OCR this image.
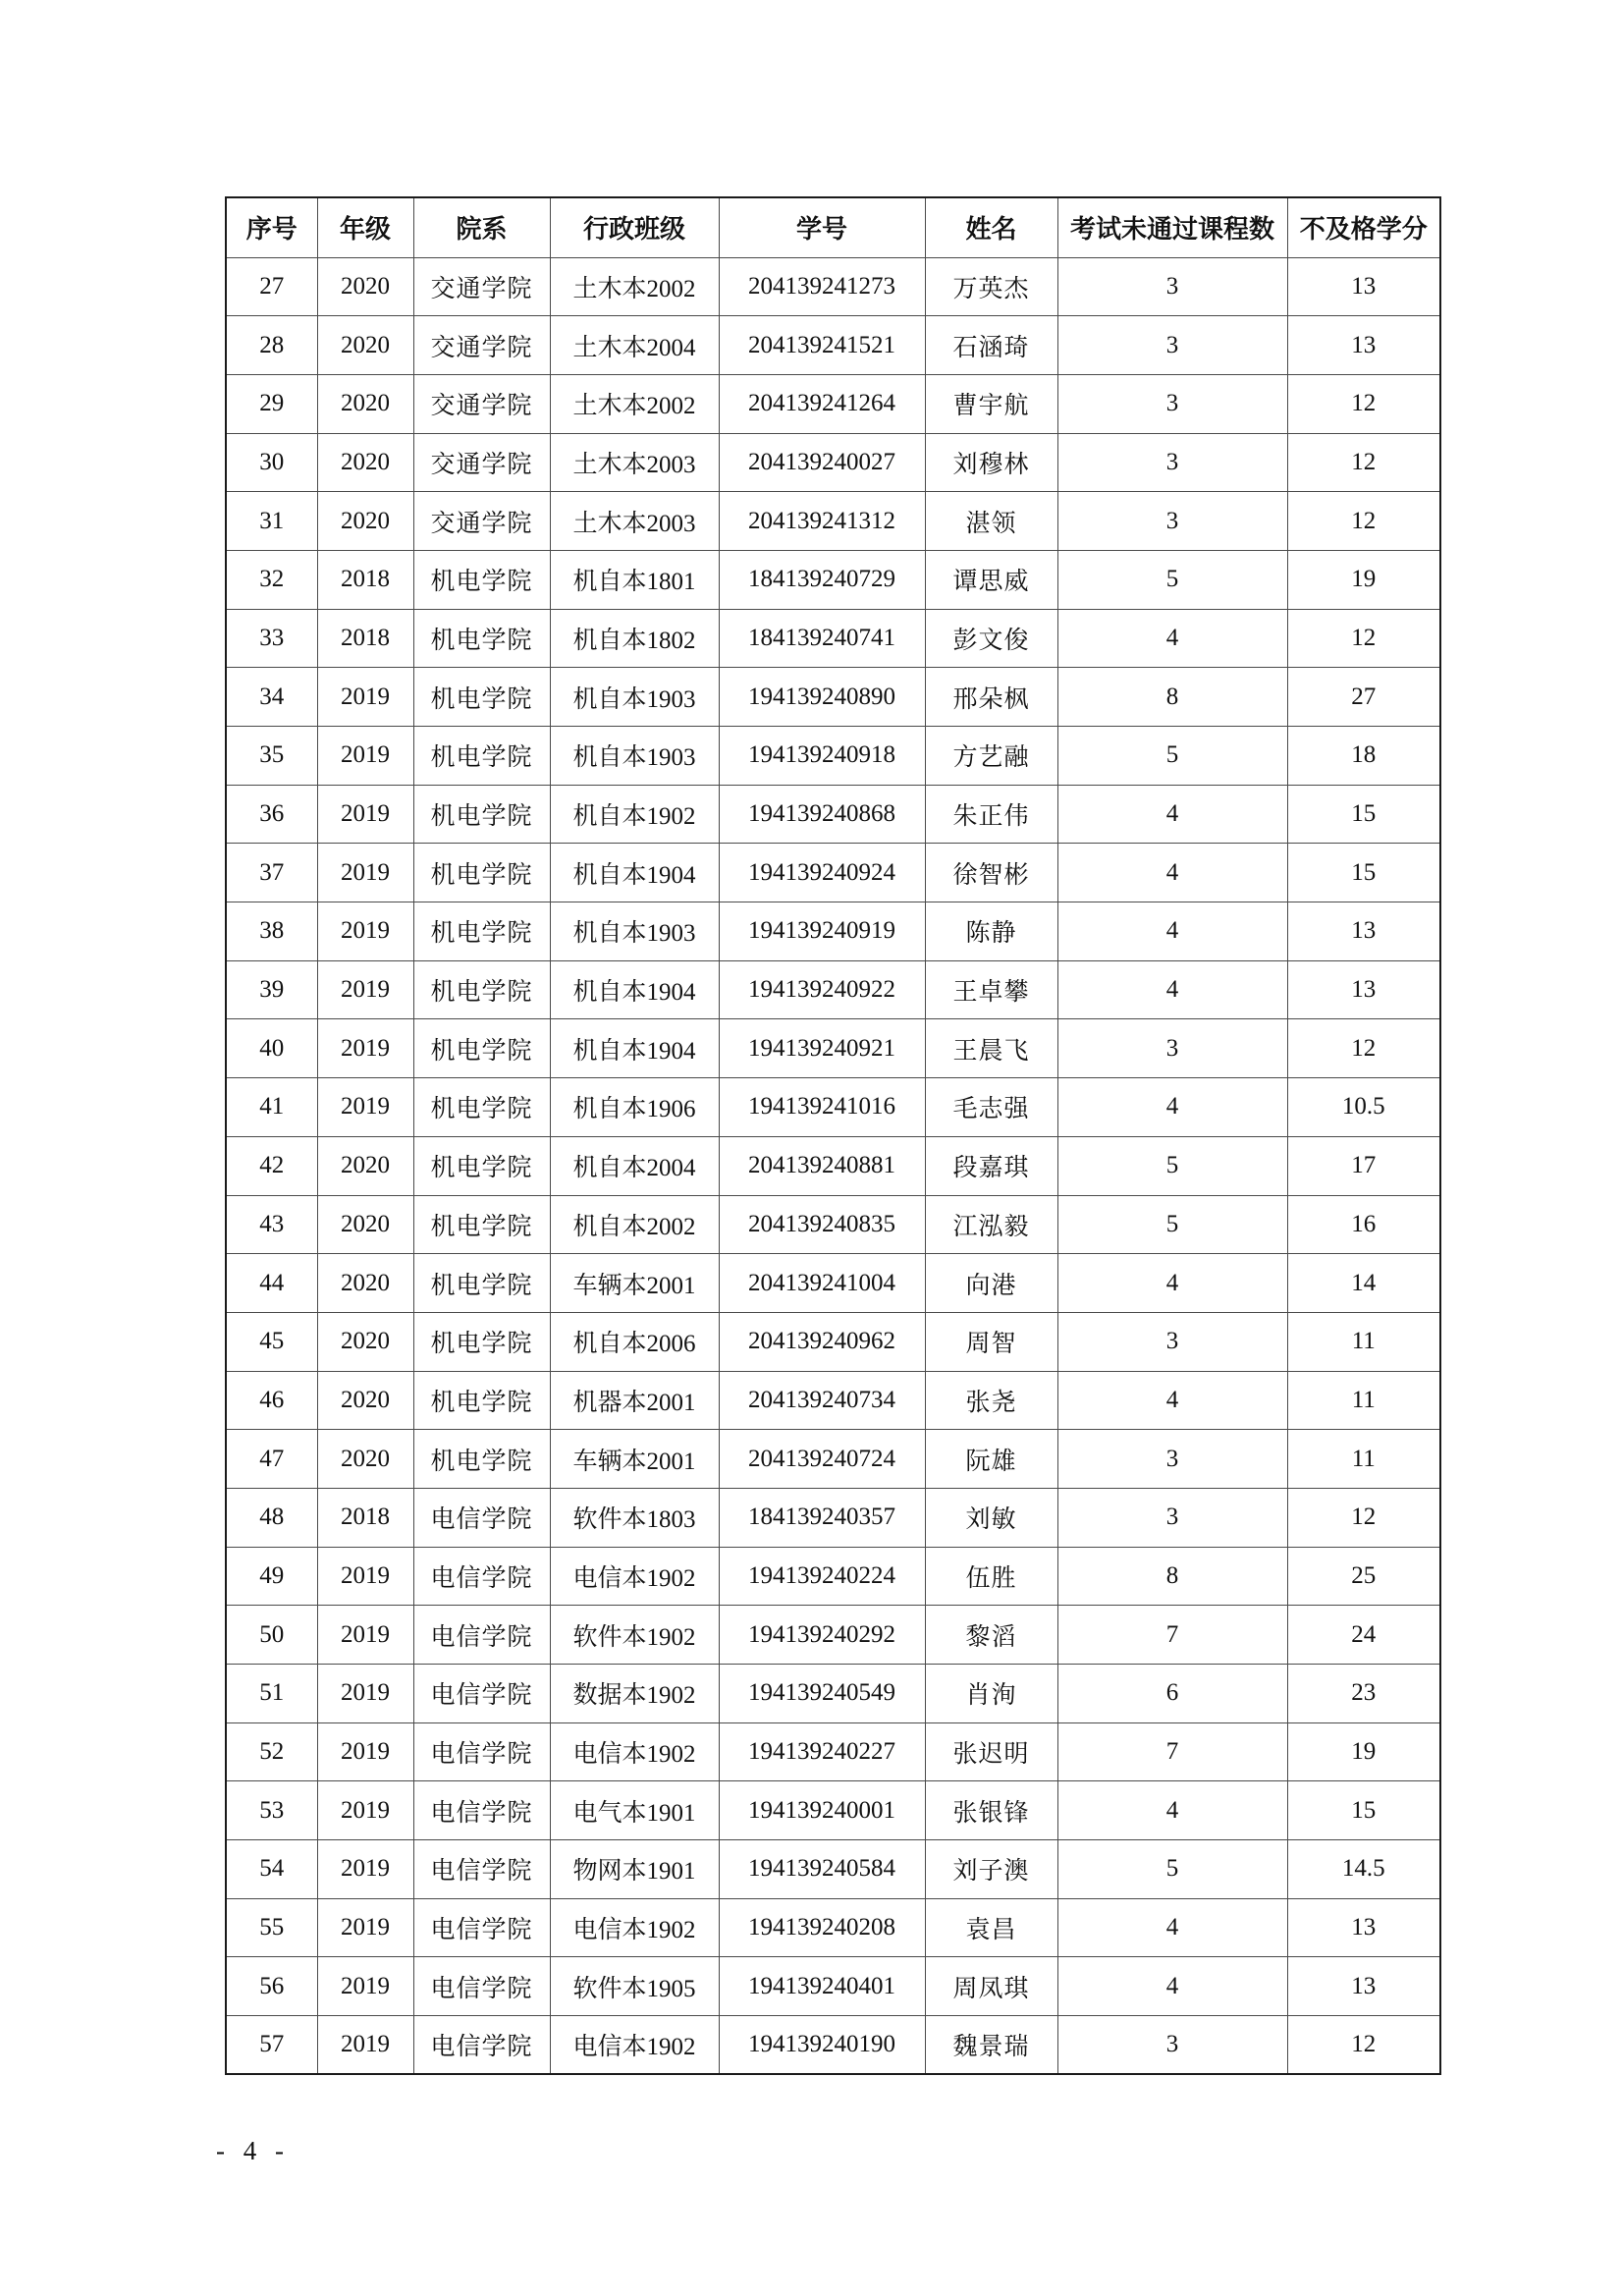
序号	年级	院系	行政班级	学号	姓名	考试未通过课程数	不及格学分
27	2020	交通学院	土木本2002	204139241273	万英杰	3	13
28	2020	交通学院	土木本2004	204139241521	石涵琦	3	13
29	2020	交通学院	土木本2002	204139241264	曹宇航	3	12
30	2020	交通学院	土木本2003	204139240027	刘穆林	3	12
31	2020	交通学院	土木本2003	204139241312	湛领	3	12
32	2018	机电学院	机自本1801	184139240729	谭思威	5	19
33	2018	机电学院	机自本1802	184139240741	彭文俊	4	12
34	2019	机电学院	机自本1903	194139240890	邢朵枫	8	27
35	2019	机电学院	机自本1903	194139240918	方艺融	5	18
36	2019	机电学院	机自本1902	194139240868	朱正伟	4	15
37	2019	机电学院	机自本1904	194139240924	徐智彬	4	15
38	2019	机电学院	机自本1903	194139240919	陈静	4	13
39	2019	机电学院	机自本1904	194139240922	王卓攀	4	13
40	2019	机电学院	机自本1904	194139240921	王晨飞	3	12
41	2019	机电学院	机自本1906	194139241016	毛志强	4	10.5
42	2020	机电学院	机自本2004	204139240881	段嘉琪	5	17
43	2020	机电学院	机自本2002	204139240835	江泓毅	5	16
44	2020	机电学院	车辆本2001	204139241004	向港	4	14
45	2020	机电学院	机自本2006	204139240962	周智	3	11
46	2020	机电学院	机器本2001	204139240734	张尧	4	11
47	2020	机电学院	车辆本2001	204139240724	阮雄	3	11
48	2018	电信学院	软件本1803	184139240357	刘敏	3	12
49	2019	电信学院	电信本1902	194139240224	伍胜	8	25
50	2019	电信学院	软件本1902	194139240292	黎滔	7	24
51	2019	电信学院	数据本1902	194139240549	肖洵	6	23
52	2019	电信学院	电信本1902	194139240227	张迟明	7	19
53	2019	电信学院	电气本1901	194139240001	张银锋	4	15
54	2019	电信学院	物网本1901	194139240584	刘子澳	5	14.5
55	2019	电信学院	电信本1902	194139240208	袁昌	4	13
56	2019	电信学院	软件本1905	194139240401	周凤琪	4	13
57	2019	电信学院	电信本1902	194139240190	魏景瑞	3	12
- 4 -
